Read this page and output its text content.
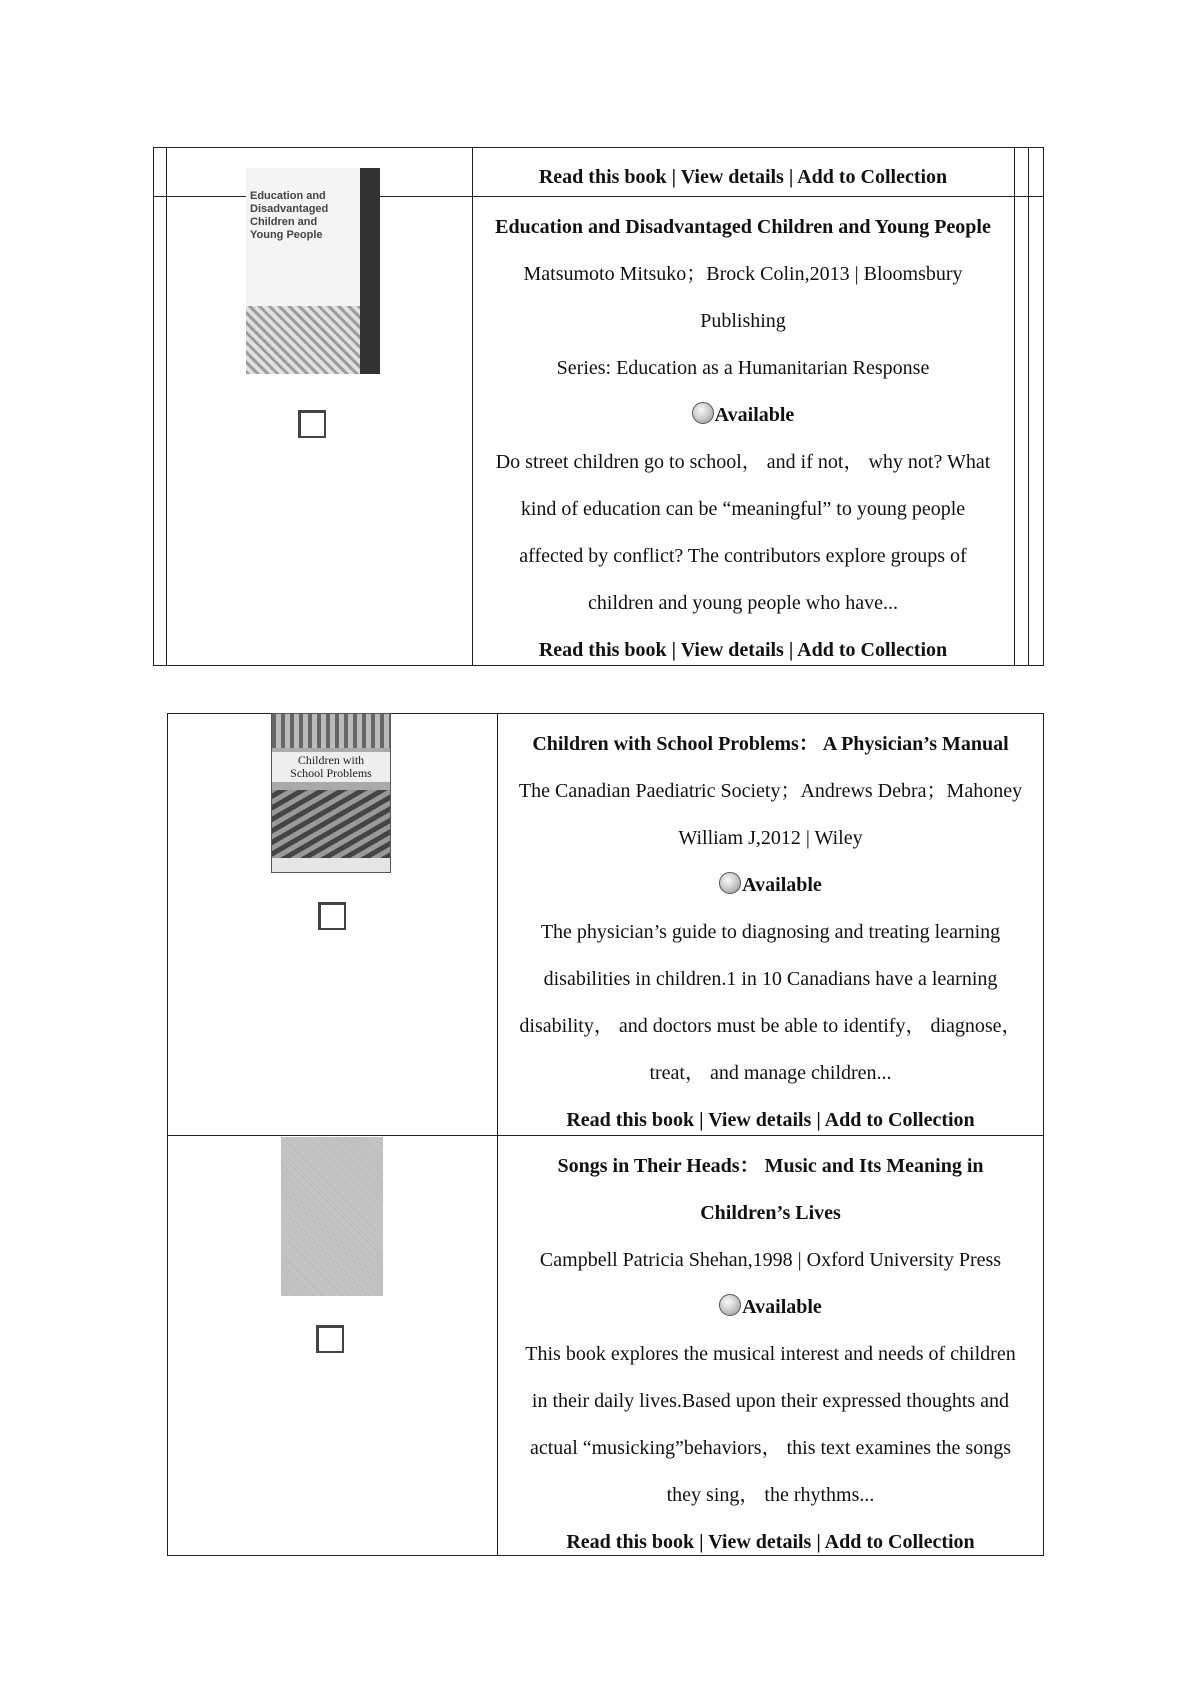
Read this book | View details | Add to Collection
Education and
Disadvantaged
Children and
Young People	Education and Disadvantaged Children and Young People
Matsumoto Mitsuko；Brock Colin,2013 | Bloomsbury
Publishing
Series: Education as a Humanitarian Response
Available
Do street children go to school， and if not， why not? What
kind of education can be “meaningful” to young people
affected by conflict? The contributors explore groups of
children and young people who have...
Read this book | View details | Add to Collection
Children with
School Problems
Children with School Problems： A Physician’s Manual
The Canadian Paediatric Society；Andrews Debra；Mahoney
William J,2012 | Wiley
Available
The physician’s guide to diagnosing and treating learning
disabilities in children.1 in 10 Canadians have a learning
disability， and doctors must be able to identify， diagnose，
treat， and manage children...
Read this book | View details | Add to Collection
Songs in Their Heads： Music and Its Meaning in
Children’s Lives
Campbell Patricia Shehan,1998 | Oxford University Press
Available
This book explores the musical interest and needs of children
in their daily lives.Based upon their expressed thoughts and
actual “musicking”behaviors， this text examines the songs
they sing， the rhythms...
Read this book | View details | Add to Collection
